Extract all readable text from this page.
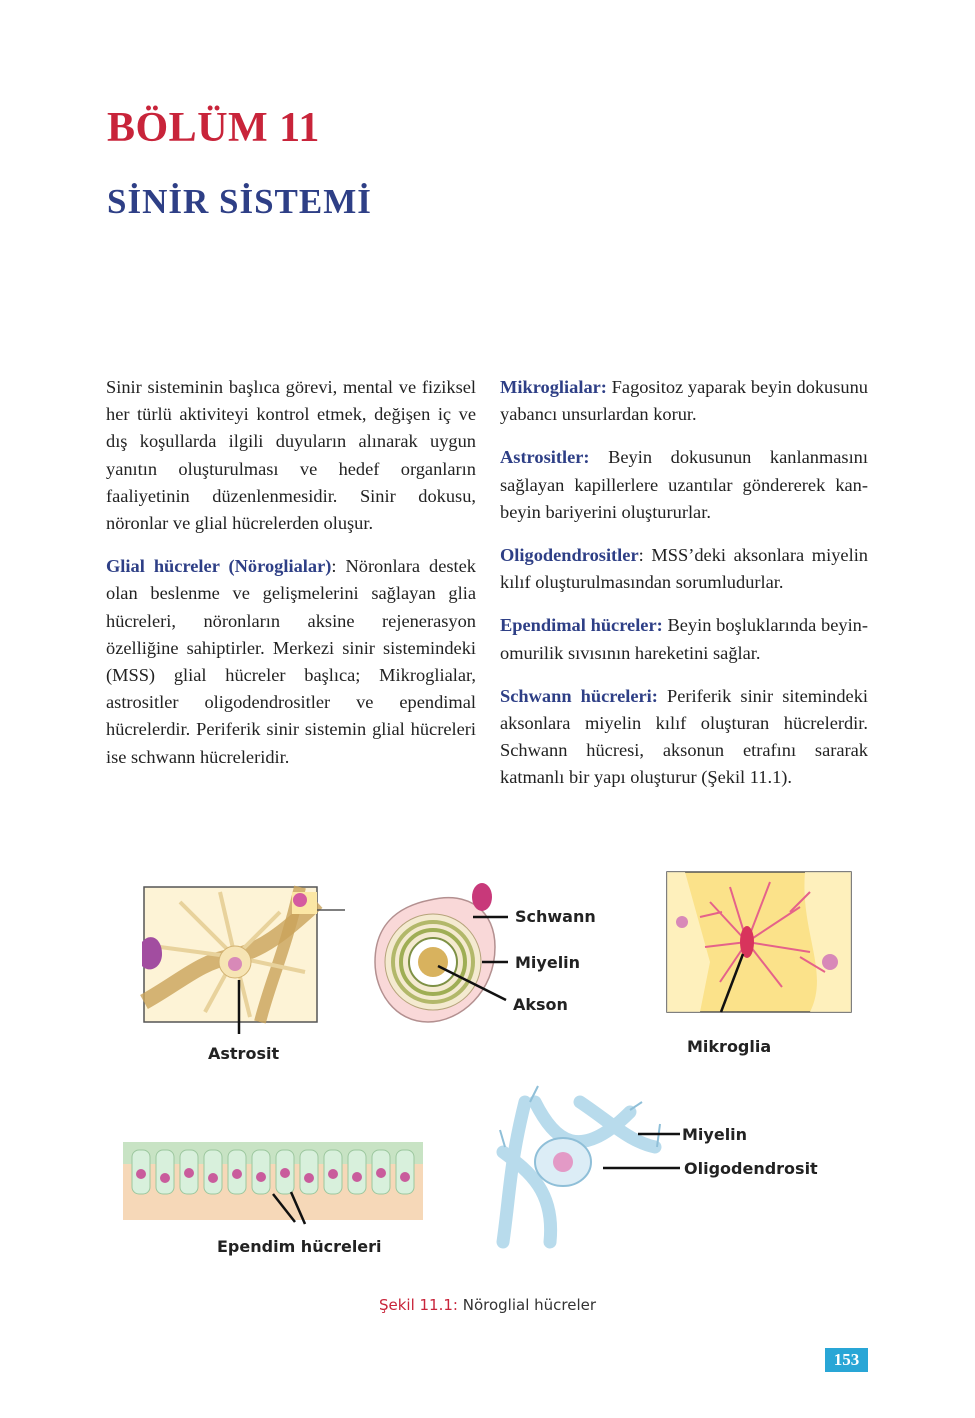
BÖLÜM 11
SİNİR SİSTEMİ

Sinir sisteminin başlıca görevi, mental ve fiziksel her türlü aktiviteyi kontrol etmek, değişen iç ve dış koşullarda ilgili duyuların alınarak uygun yanıtın oluşturulması ve hedef organların faaliyetinin düzenlenmesidir. Sinir dokusu, nöronlar ve glial hücrelerden oluşur.

Glial hücreler (Nöroglialar): Nöronlara destek olan beslenme ve gelişmelerini sağlayan glia hücreleri, nöronların aksine rejenerasyon özelliğine sahiptirler. Merkezi sinir sistemindeki (MSS) glial hücreler başlıca; Mikroglialar, astrositler oligodendrositler ve ependimal hücrelerdir. Periferik sinir sistemin glial hücreleri ise schwann hücreleridir.

Mikroglialar: Fagositoz yaparak beyin dokusunu yabancı unsurlardan korur.

Astrositler: Beyin dokusunun kanlanmasını sağlayan kapillerlere uzantılar göndererek kan-beyin bariyerini oluştururlar.

Oligodendrositler: MSS’deki aksonlara miyelin kılıf oluşturulmasından sorumludurlar.

Ependimal hücreler: Beyin boşluklarında beyin-omurilik sıvısının hareketini sağlar.

Schwann hücreleri: Periferik sinir sitemindeki aksonlara miyelin kılıf oluşturan hücrelerdir. Schwann hücresi, aksonun etrafını sararak katmanlı bir yapı oluşturur (Şekil 11.1).

Astrosit
Schwann
Miyelin
Akson
Mikroglia
Ependim hücreleri
Miyelin
Oligodendrosit
Şekil 11.1: Nöroglial hücreler
153
